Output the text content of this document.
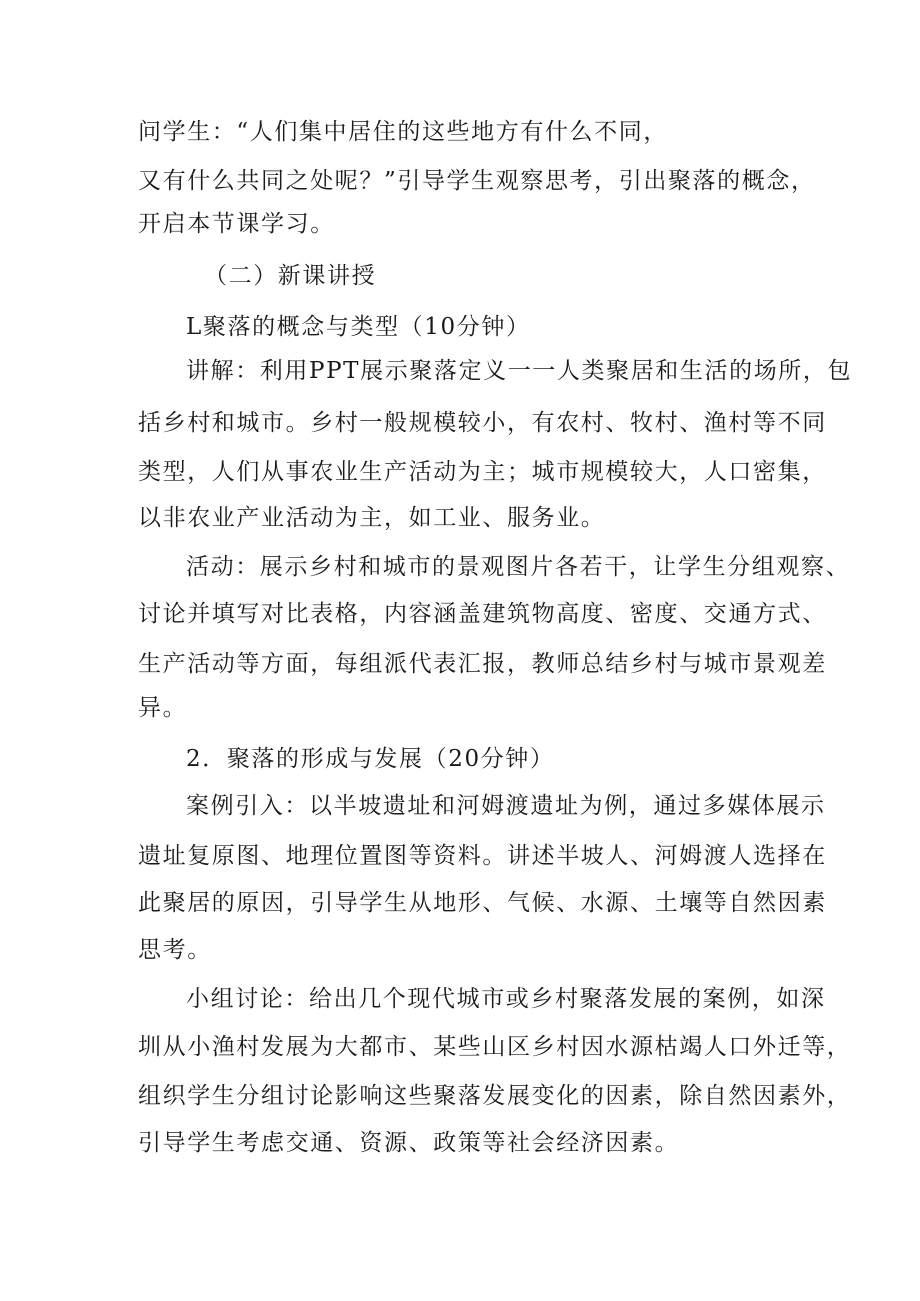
问学生：“人们集中居住的这些地方有什么不同，
又有什么共同之处呢？”引导学生观察思考，引出聚落的概念，
开启本节课学习。
（二）新课讲授
L聚落的概念与类型（10分钟）
讲解：利用PPT展示聚落定义一一人类聚居和生活的场所，包
括乡村和城市。乡村一般规模较小，有农村、牧村、渔村等不同
类型，人们从事农业生产活动为主；城市规模较大，人口密集，
以非农业产业活动为主，如工业、服务业。
活动：展示乡村和城市的景观图片各若干，让学生分组观察、
讨论并填写对比表格，内容涵盖建筑物高度、密度、交通方式、
生产活动等方面，每组派代表汇报，教师总结乡村与城市景观差
异。
2．聚落的形成与发展（20分钟）
案例引入：以半坡遗址和河姆渡遗址为例，通过多媒体展示
遗址复原图、地理位置图等资料。讲述半坡人、河姆渡人选择在
此聚居的原因，引导学生从地形、气候、水源、土壤等自然因素
思考。
小组讨论：给出几个现代城市或乡村聚落发展的案例，如深
圳从小渔村发展为大都市、某些山区乡村因水源枯竭人口外迁等，
组织学生分组讨论影响这些聚落发展变化的因素，除自然因素外，
引导学生考虑交通、资源、政策等社会经济因素。
